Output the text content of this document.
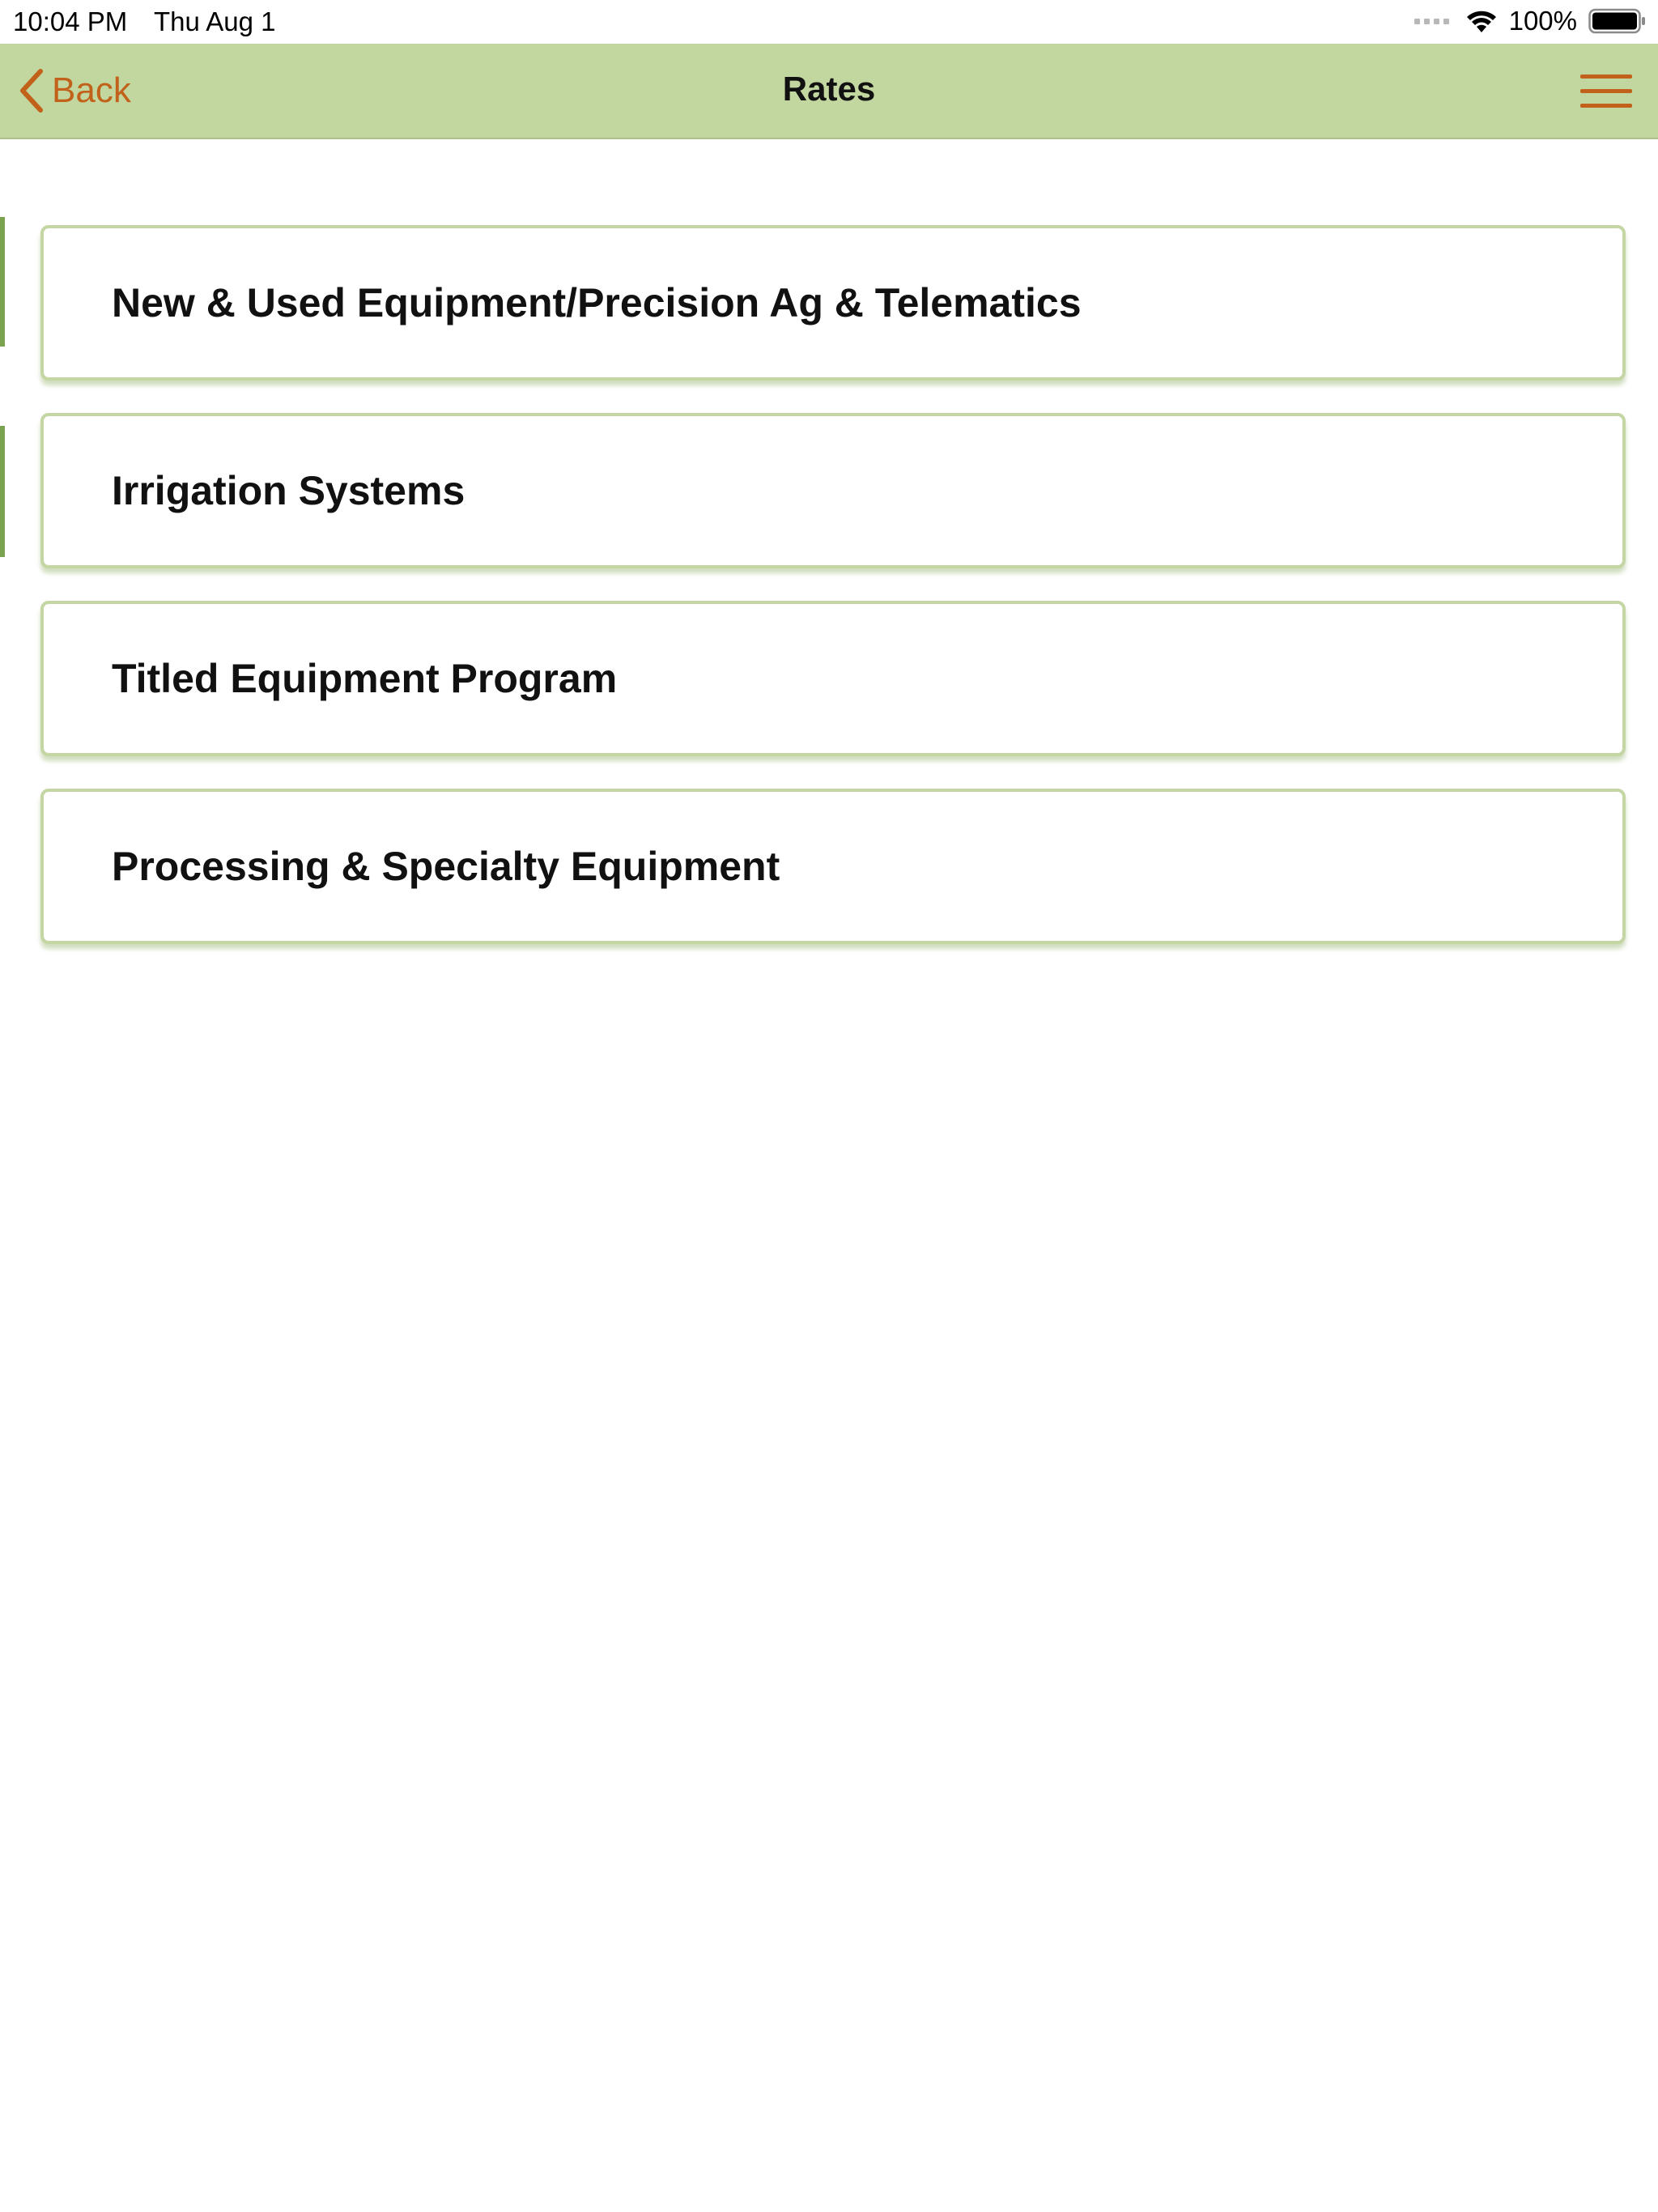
10:04 PM Thu Aug 1	100%
Back	Rates
New & Used Equipment/Precision Ag & Telematics
Irrigation Systems
Titled Equipment Program
Processing & Specialty Equipment
